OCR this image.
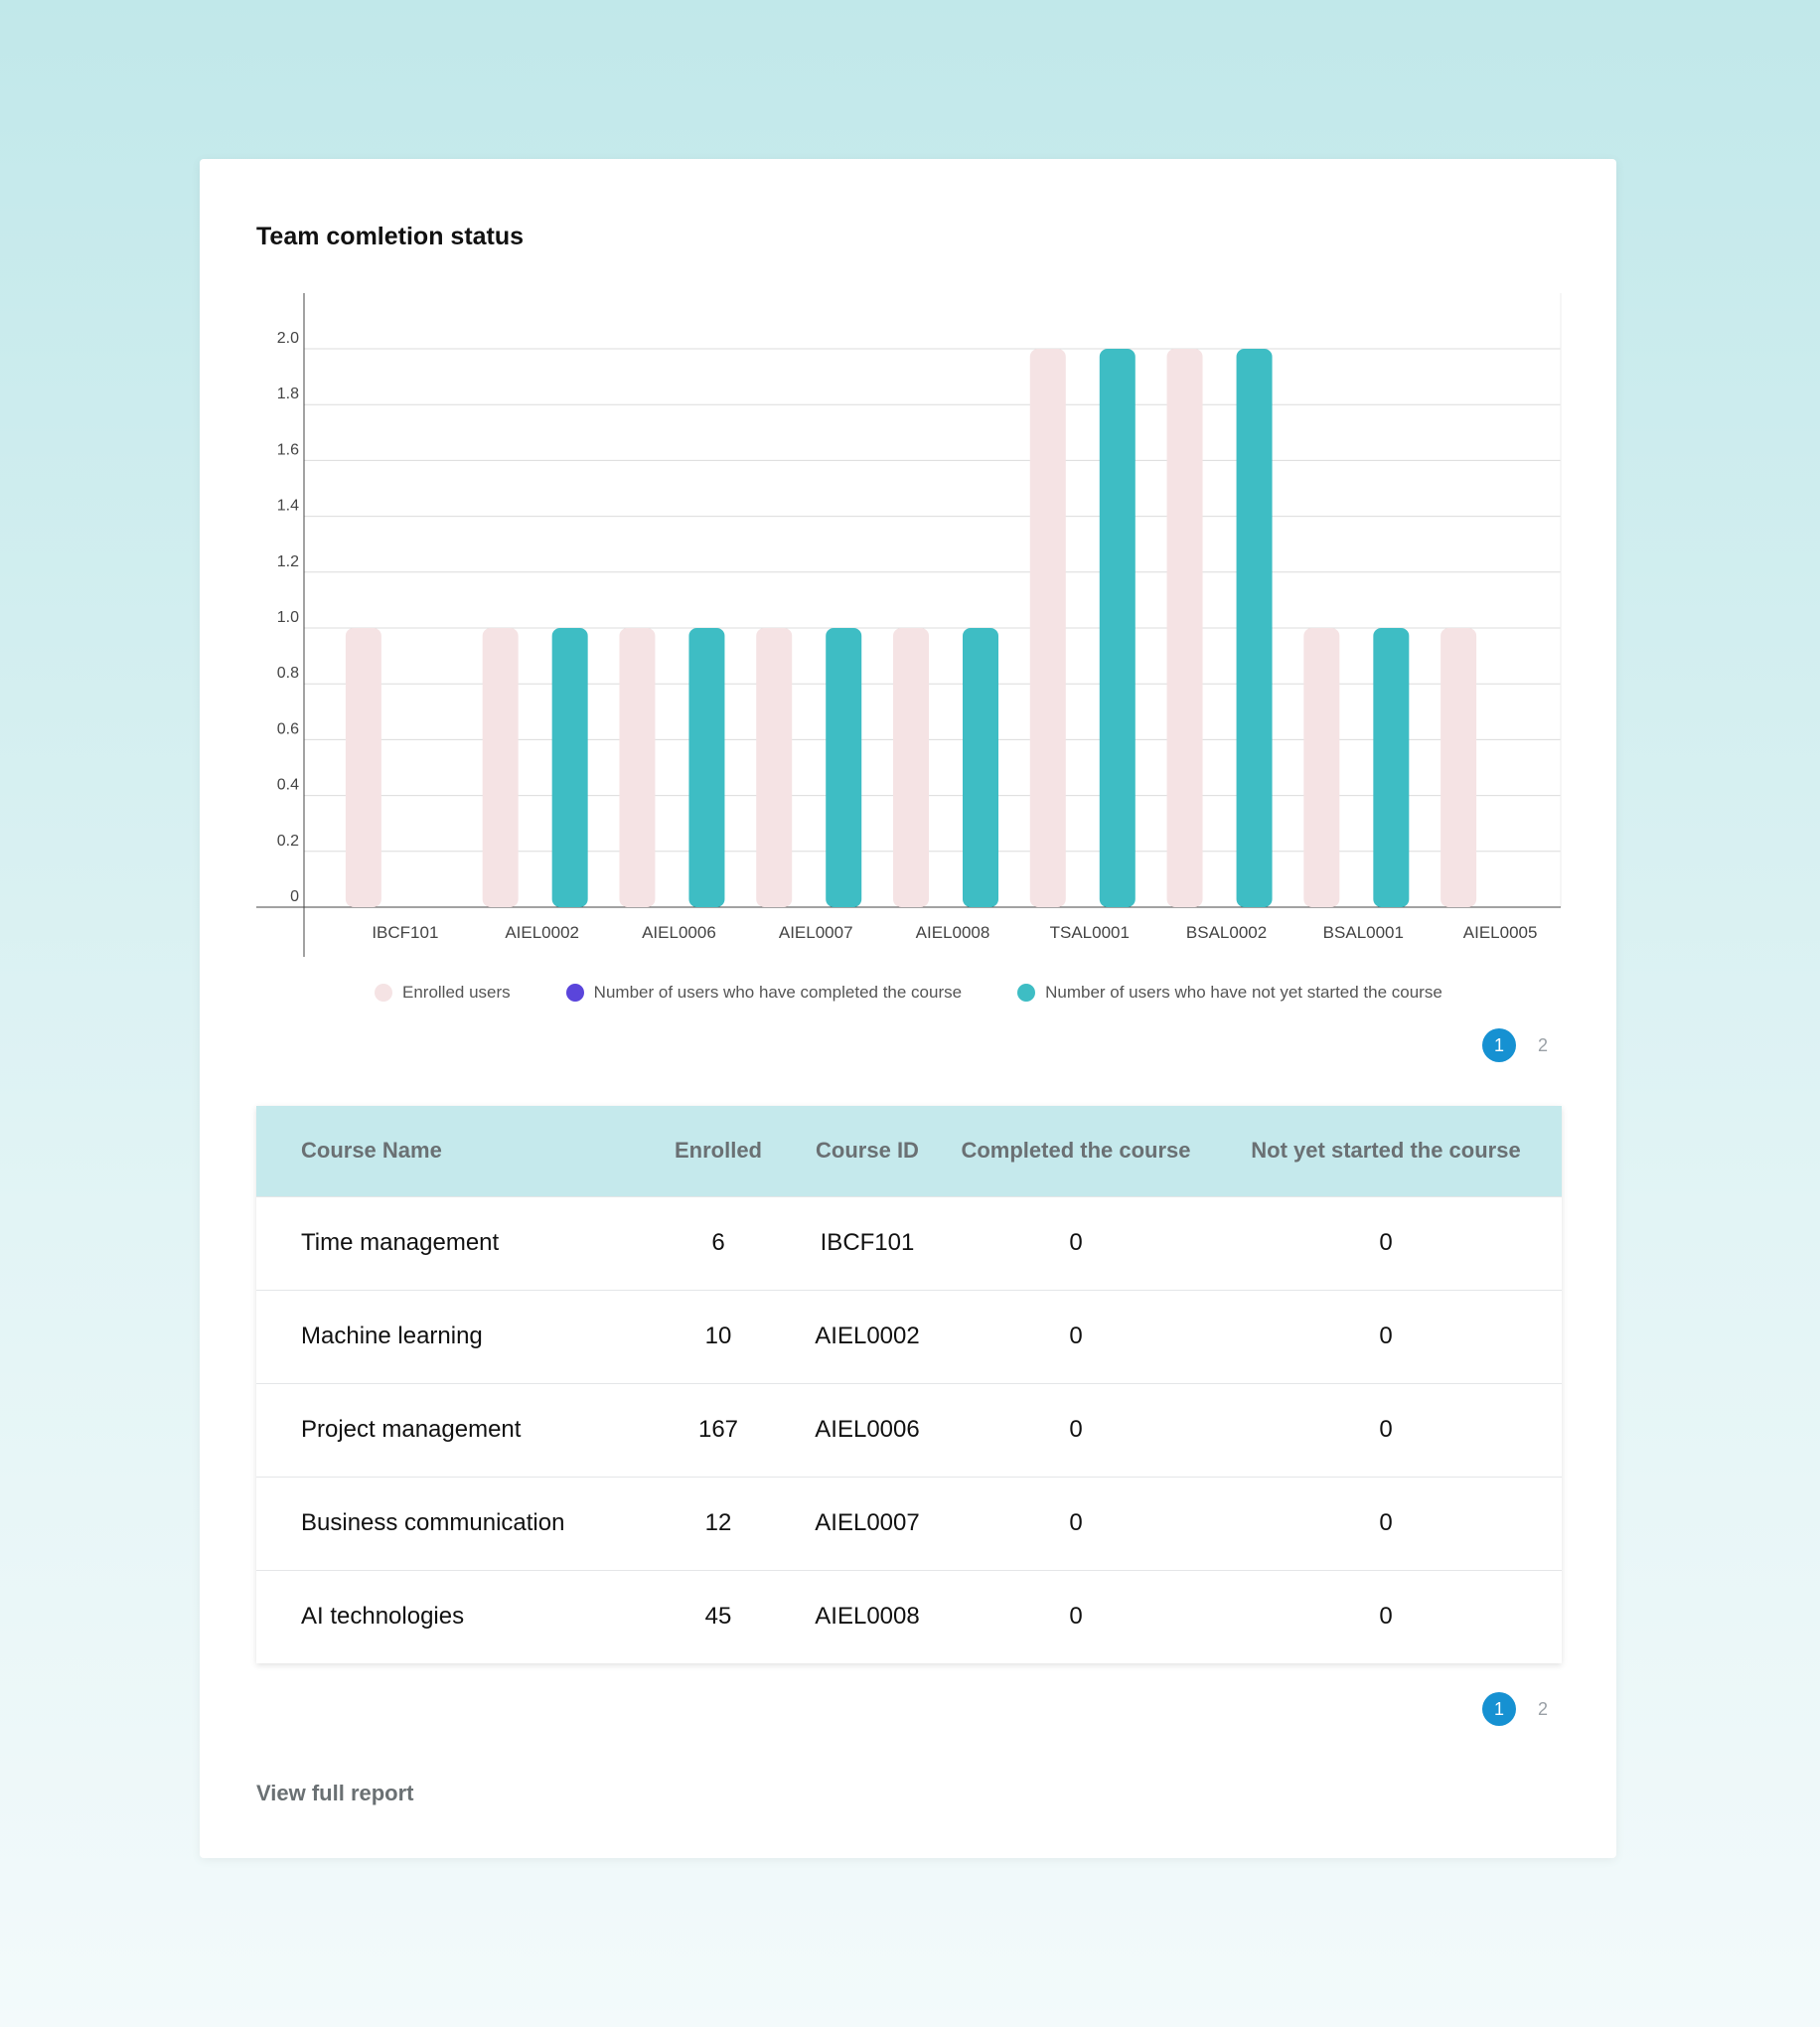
Team comletion status
0
0.2
0.4
0.6
0.8
1.0
1.2
1.4
1.6
1.8
2.0
IBCF101	AIEL0002	AIEL0006	AIEL0007	AIEL0008	TSAL0001	BSAL0002	BSAL0001	AIEL0005
Enrolled users	Number of users who have completed the course	Number of users who have not yet started the course
1	2
Course Name	Enrolled	Course ID	Completed the course	Not yet started the course
Time management	6	IBCF101	0	0
Machine learning	10	AIEL0002	0	0
Project management	167	AIEL0006	0	0
Business communication	12	AIEL0007	0	0
AI technologies	45	AIEL0008	0	0
1	2
View full report
